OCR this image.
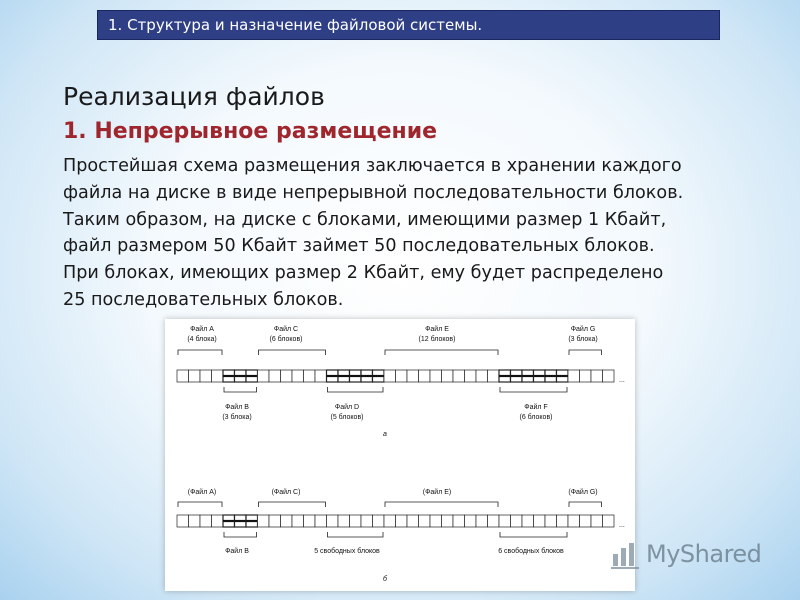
1. Структура и назначение файловой системы.
Реализация файлов
1. Непрерывное размещение
Простейшая схема размещения заключается в хранении каждого
файла на диске в виде непрерывной последовательности блоков.
Таким образом, на диске с блоками, имеющими размер 1 Кбайт,
файл размером 50 Кбайт займет 50 последовательных блоков.
При блоках, имеющих размер 2 Кбайт, ему будет распределено
25 последовательных блоков.
Файл A
(4 блока)
Файл C
(6 блоков)
Файл E
(12 блоков)
Файл G
(3 блока)
...
Файл B
(3 блока)
Файл D
(5 блоков)
Файл F
(6 блоков)
а
(Файл A)	(Файл C)	(Файл E)	(Файл G)
...
Файл B	5 свободных блоков	6 свободных блоков
б
MyShared
